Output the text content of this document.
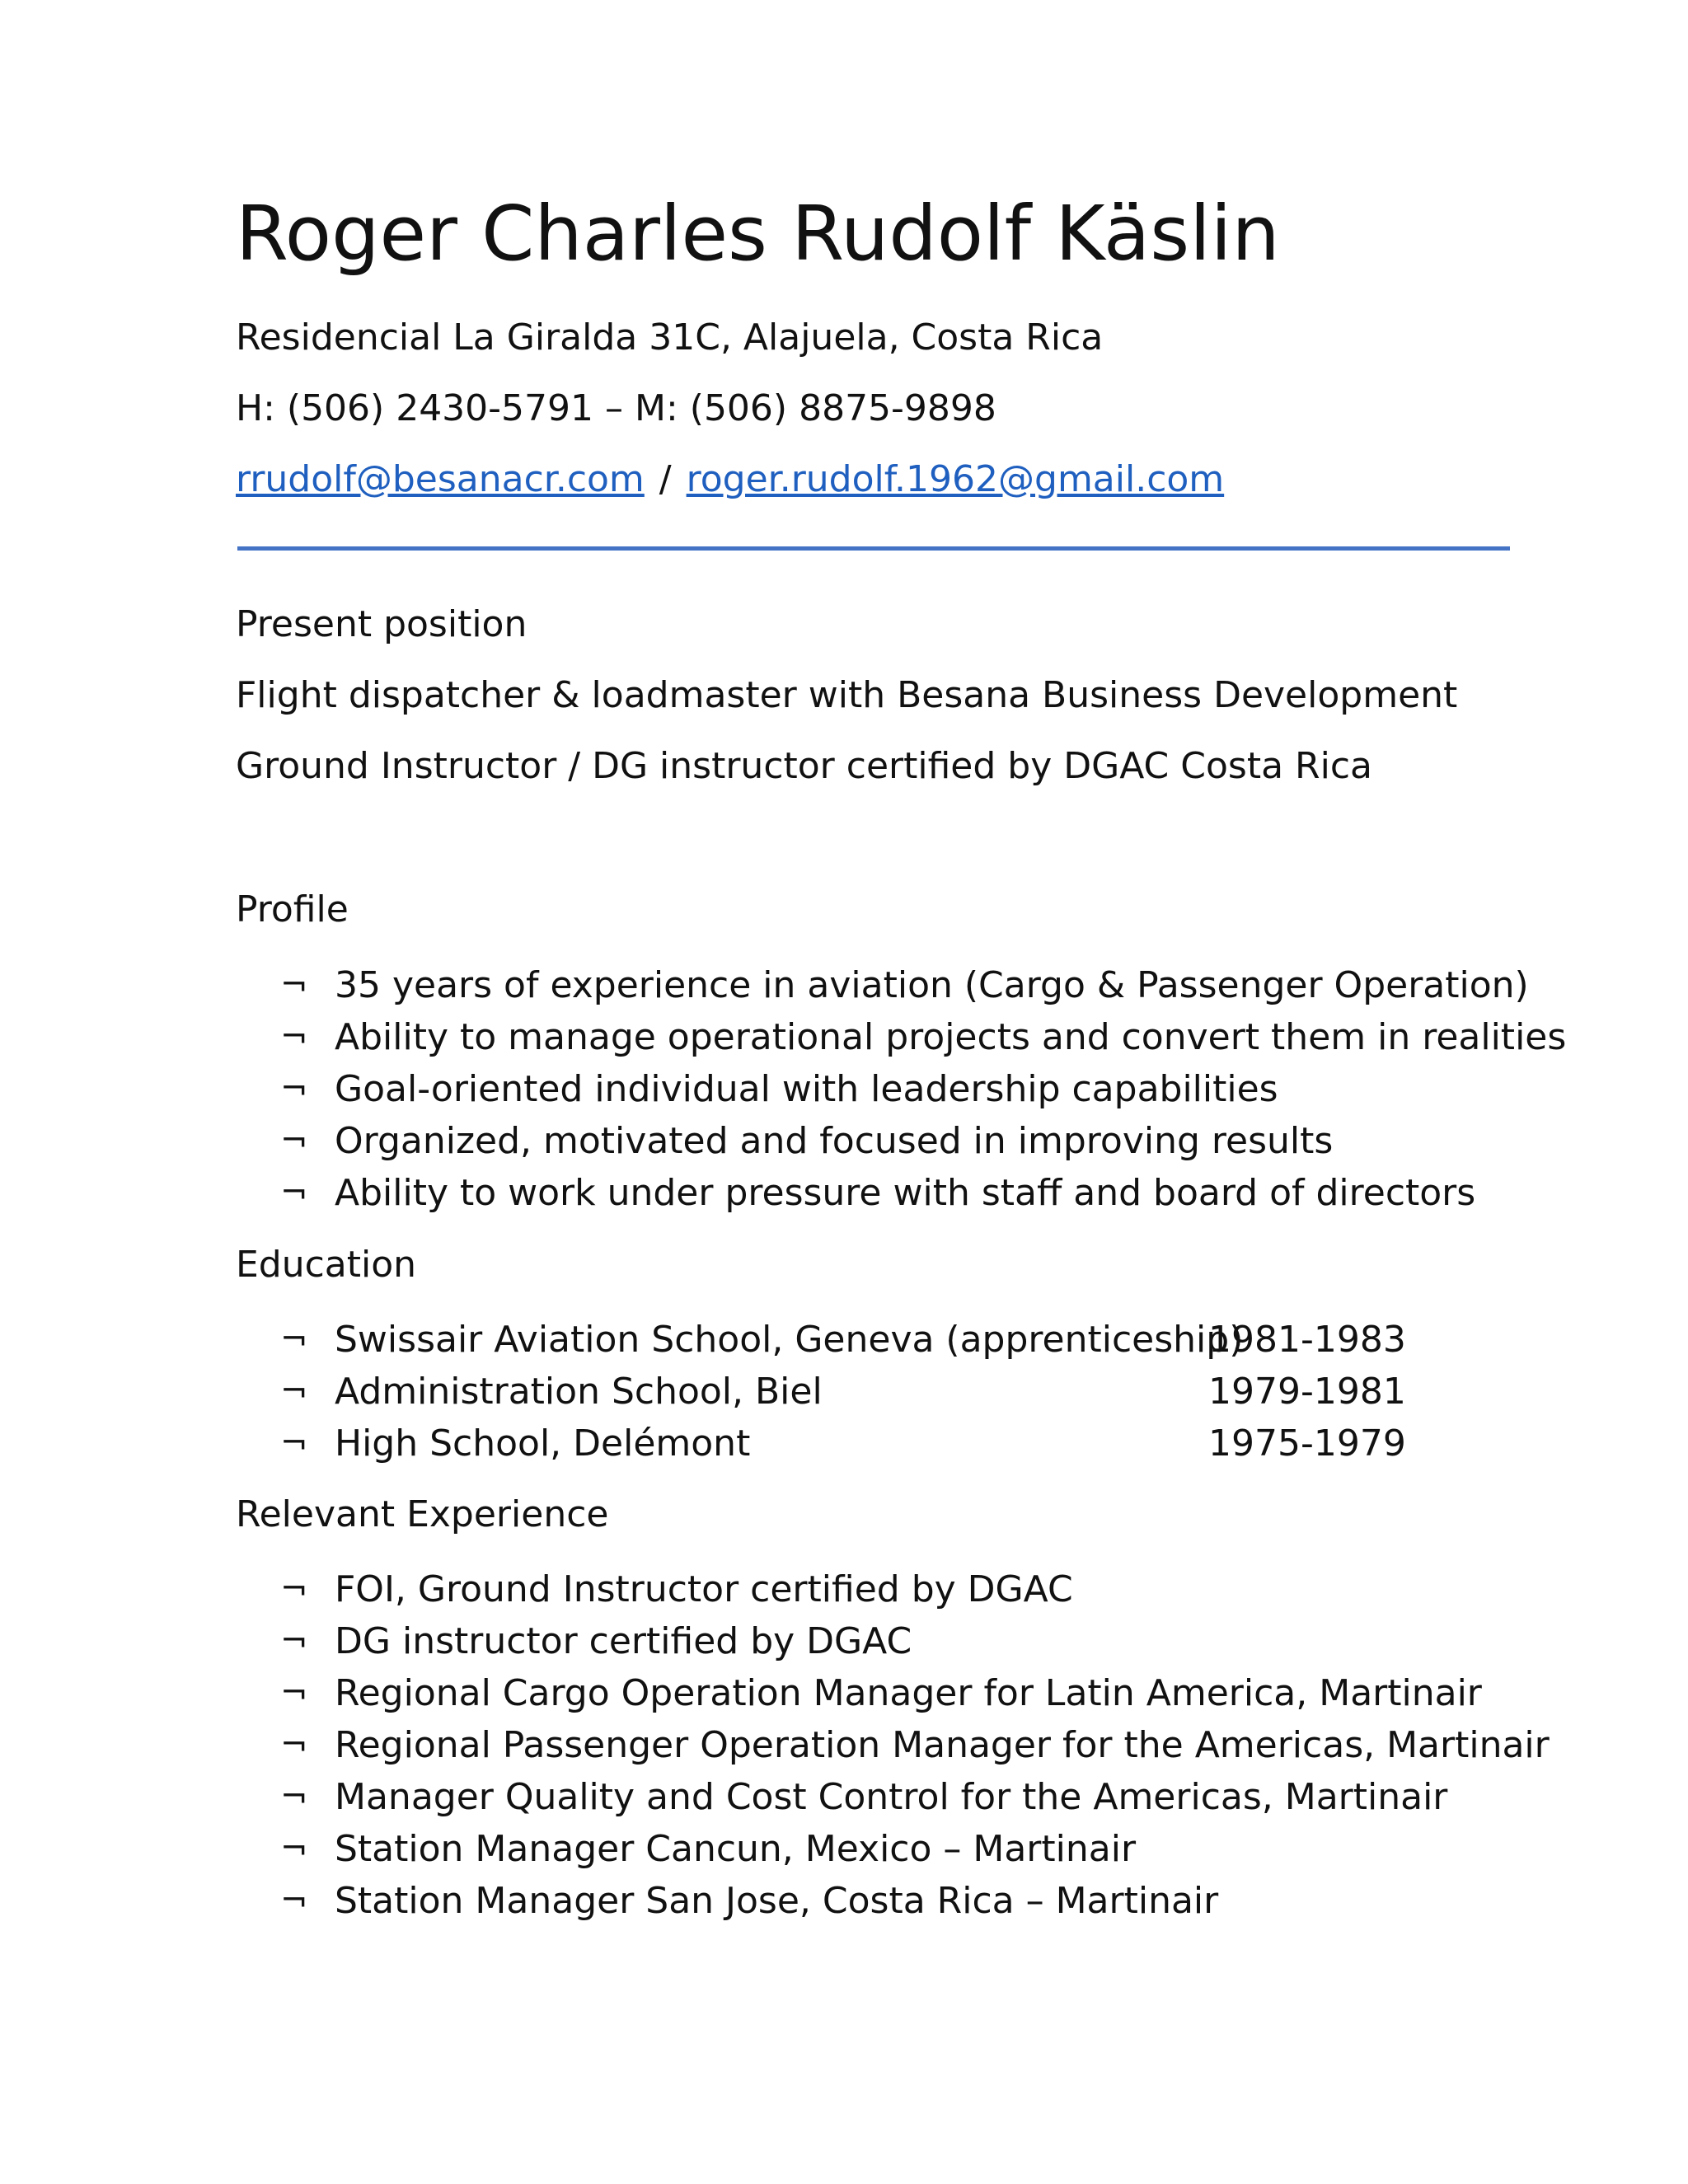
Roger Charles Rudolf Käslin
Residencial La Giralda 31C, Alajuela, Costa Rica
H: (506) 2430-5791 – M: (506) 8875-9898
rrudolf@besanacr.com / roger.rudolf.1962@gmail.com
Present position
Flight dispatcher & loadmaster with Besana Business Development
Ground Instructor / DG instructor certified by DGAC Costa Rica
Profile
¬ 35 years of experience in aviation (Cargo & Passenger Operation)
¬ Ability to manage operational projects and convert them in realities
¬ Goal-oriented individual with leadership capabilities
¬ Organized, motivated and focused in improving results
¬ Ability to work under pressure with staff and board of directors
Education
¬ Swissair Aviation School, Geneva (apprenticeship)
1981-1983
¬ Administration School, Biel	1979-1981
¬ High School, Delémont	1975-1979
Relevant Experience
¬ FOI, Ground Instructor certified by DGAC
¬ DG instructor certified by DGAC
¬ Regional Cargo Operation Manager for Latin America, Martinair
¬ Regional Passenger Operation Manager for the Americas, Martinair
¬ Manager Quality and Cost Control for the Americas, Martinair
¬ Station Manager Cancun, Mexico – Martinair
¬ Station Manager San Jose, Costa Rica – Martinair
